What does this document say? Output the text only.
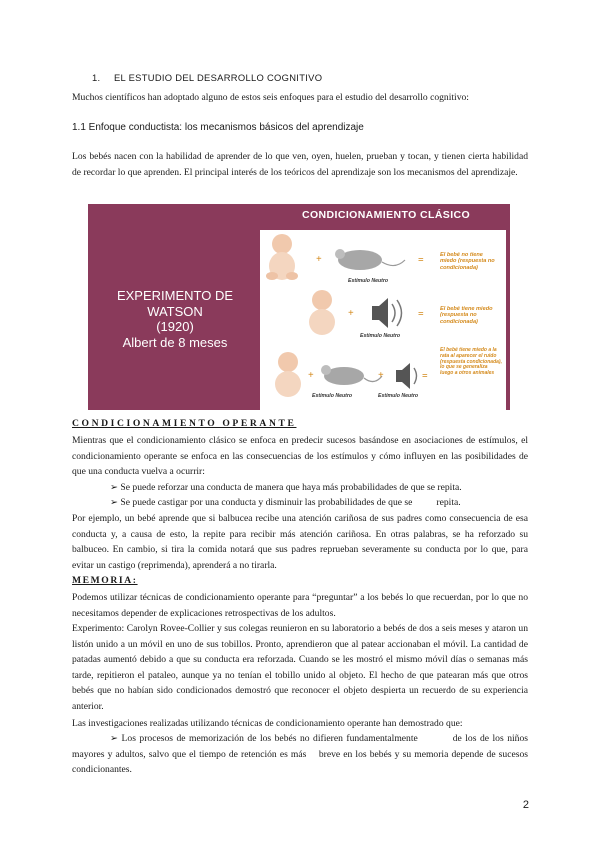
1. EL ESTUDIO DEL DESARROLLO COGNITIVO
Muchos científicos han adoptado alguno de estos seis enfoques para el estudio del desarrollo cognitivo:
1.1 Enfoque conductista: los mecanismos básicos del aprendizaje
Los bebés nacen con la habilidad de aprender de lo que ven, oyen, huelen, prueban y tocan, y tienen cierta habilidad de recordar lo que aprenden. El principal interés de los teóricos del aprendizaje son los mecanismos del aprendizaje.
CONDICIONAMIENTO CLÁSICO
EXPERIMENTO DE WATSON
(1920)
Albert de 8 meses
+	=
+	=
+	+	=
Estímulo Neutro
Estímulo Neutro
Estímulo Neutro	Estímulo Neutro
El bebé no tiene miedo (respuesta no condicionada)
El bebé tiene miedo (respuesta no condicionada)
El bebé tiene miedo a la rata al aparecer el ruido (respuesta condicionada), lo que se generaliza luego a otros animales
CONDICIONAMIENTO OPERANTE
Mientras que el condicionamiento clásico se enfoca en predecir sucesos basándose en asociaciones de estímulos, el condicionamiento operante se enfoca en las consecuencias de los estímulos y cómo influyen en las posibilidades de que una conducta vuelva a ocurrir:
➢ Se puede reforzar una conducta de manera que haya más probabilidades de que se repita.
➢ Se puede castigar por una conducta y disminuir las probabilidades de que se          repita.
Por ejemplo, un bebé aprende que si balbucea recibe una atención cariñosa de sus padres como consecuencia de esa conducta y, a causa de esto, la repite para recibir más atención cariñosa. En otras palabras, se ha reforzado su balbuceo. En cambio, si tira la comida notará que sus padres reprueban severamente su conducta por lo que, para evitar un castigo (reprimenda), aprenderá a no tirarla.
MEMORIA:
Podemos utilizar técnicas de condicionamiento operante para “preguntar” a los bebés lo que recuerdan, por lo que no necesitamos depender de explicaciones retrospectivas de los adultos.
Experimento: Carolyn Rovee-Collier y sus colegas reunieron en su laboratorio a bebés de dos a seis meses y ataron un listón unido a un móvil en uno de sus tobillos. Pronto, aprendieron que al patear accionaban el móvil. La cantidad de patadas aumentó debido a que su conducta era reforzada. Cuando se les mostró el mismo móvil días o semanas más tarde, repitieron el pataleo, aunque ya no tenían el tobillo unido al objeto. El hecho de que patearan más que otros bebés que no habían sido condicionados demostró que reconocer el objeto despierta un recuerdo de su experiencia anterior.
Las investigaciones realizadas utilizando técnicas de condicionamiento operante han demostrado que:
➢ Los procesos de memorización de los bebés no difieren fundamentalmente          de los de los niños mayores y adultos, salvo que el tiempo de retención es más    breve en los bebés y su memoria depende de sucesos condicionantes.
2
